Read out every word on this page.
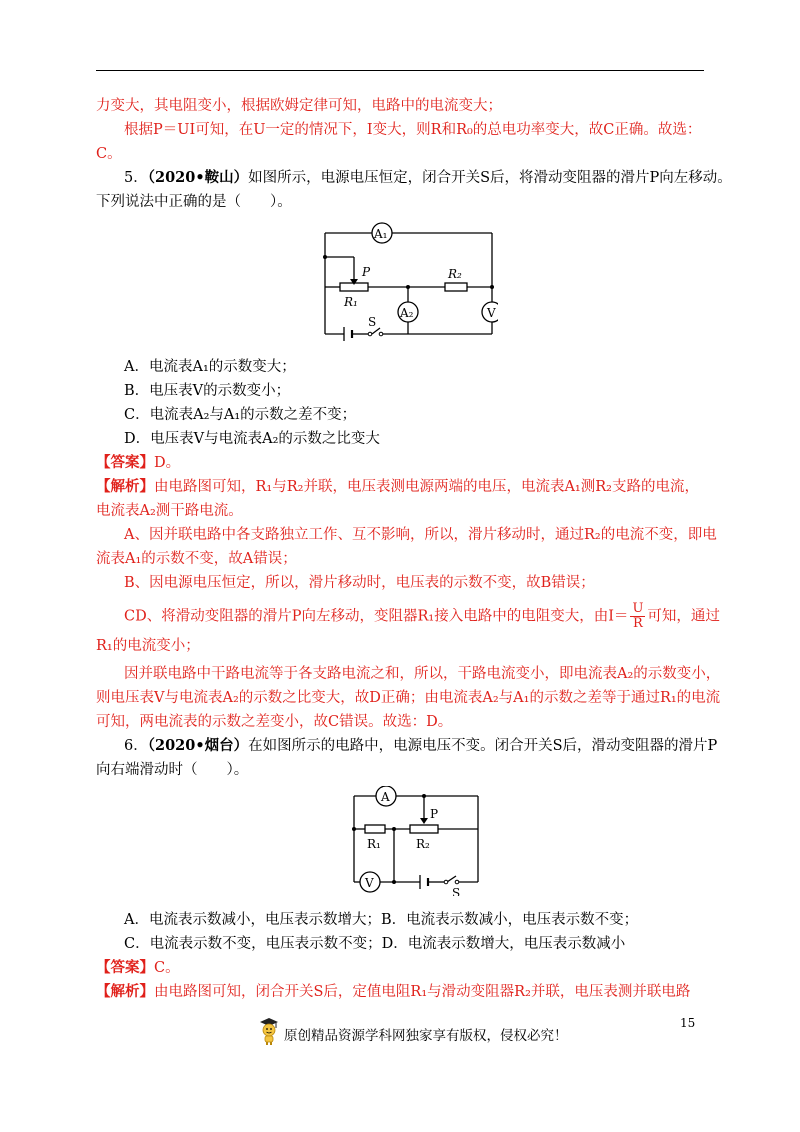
力变大，其电阻变小，根据欧姆定律可知，电路中的电流变大；
根据P＝UI可知，在U一定的情况下，I变大，则R和R₀的总电功率变大，故C正确。故选：
C。
5．（2020•鞍山）如图所示，电源电压恒定，闭合开关S后，将滑动变阻器的滑片P向左移动。
下列说法中正确的是（　　）。
A₁
A₂	V
P
R₁
R₂
S
A．电流表A₁的示数变大；
B．电压表V的示数变小；
C．电流表A₂与A₁的示数之差不变；
D．电压表V与电流表A₂的示数之比变大
【答案】D。
【解析】由电路图可知，R₁与R₂并联，电压表测电源两端的电压，电流表A₁测R₂支路的电流，
电流表A₂测干路电流。
A、因并联电路中各支路独立工作、互不影响，所以，滑片移动时，通过R₂的电流不变，即电
流表A₁的示数不变，故A错误；
B、因电源电压恒定，所以，滑片移动时，电压表的示数不变，故B错误；
CD、将滑动变阻器的滑片P向左移动，变阻器R₁接入电路中的电阻变大，由$I= \frac{U}{R}$ 可知，通过
R₁的电流变小；
因并联电路中干路电流等于各支路电流之和，所以，干路电流变小，即电流表A₂的示数变小，
则电压表V与电流表A₂的示数之比变大，故D正确；由电流表A₂与A₁的示数之差等于通过R₁的电流
可知，两电流表的示数之差变小，故C错误。故选：D。
6．（2020•烟台）在如图所示的电路中，电源电压不变。闭合开关S后，滑动变阻器的滑片P
向右端滑动时（　　）。
A
V
P
R₁	R₂
S
A．电流表示数减小，电压表示数增大；B．电流表示数减小，电压表示数不变；
C．电流表示数不变，电压表示数不变；D．电流表示数增大，电压表示数减小
【答案】C。
【解析】由电路图可知，闭合开关S后，定值电阻R₁与滑动变阻器R₂并联，电压表测并联电路
15
原创精品资源学科网独家享有版权，侵权必究！
